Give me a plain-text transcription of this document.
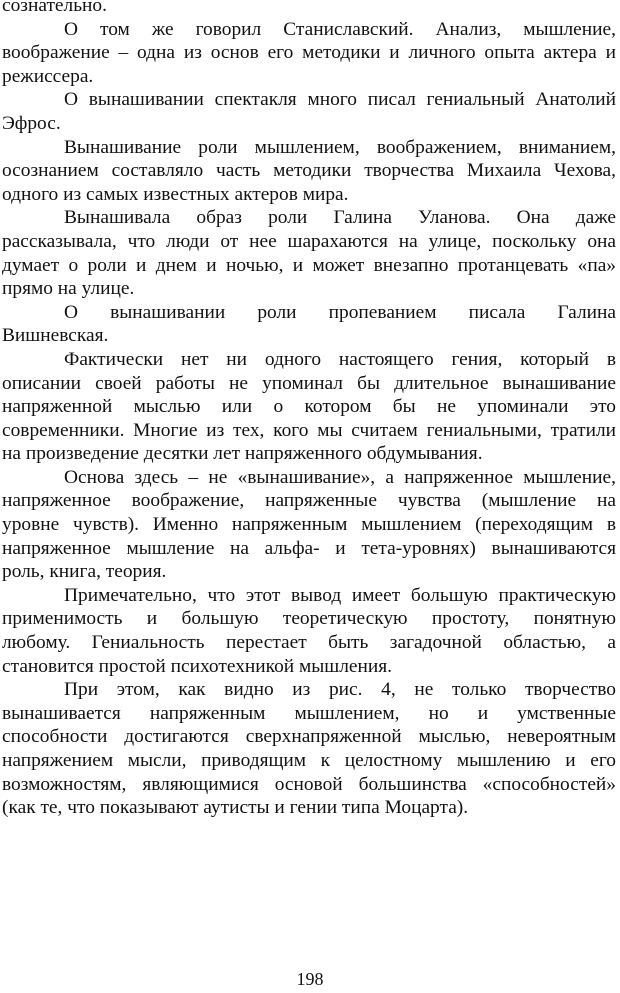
сознательно.
О том же говорил Станиславский. Анализ, мышление,
воображение – одна из основ его методики и личного опыта актера и
режиссера.
О вынашивании спектакля много писал гениальный Анатолий
Эфрос.
Вынашивание роли мышлением, воображением, вниманием,
осознанием составляло часть методики творчества Михаила Чехова,
одного из самых известных актеров мира.
Вынашивала образ роли Галина Уланова. Она даже
рассказывала, что люди от нее шарахаются на улице, поскольку она
думает о роли и днем и ночью, и может внезапно протанцевать «па»
прямо на улице.
О вынашивании роли пропеванием писала Галина
Вишневская.
Фактически нет ни одного настоящего гения, который в
описании своей работы не упоминал бы длительное вынашивание
напряженной мыслью или о котором бы не упоминали это
современники. Многие из тех, кого мы считаем гениальными, тратили
на произведение десятки лет напряженного обдумывания.
Основа здесь – не «вынашивание», а напряженное мышление,
напряженное воображение, напряженные чувства (мышление на
уровне чувств). Именно напряженным мышлением (переходящим в
напряженное мышление на альфа- и тета-уровнях) вынашиваются
роль, книга, теория.
Примечательно, что этот вывод имеет большую практическую
применимость и большую теоретическую простоту, понятную
любому. Гениальность перестает быть загадочной областью, а
становится простой психотехникой мышления.
При этом, как видно из рис. 4, не только творчество
вынашивается напряженным мышлением, но и умственные
способности достигаются сверхнапряженной мыслью, невероятным
напряжением мысли, приводящим к целостному мышлению и его
возможностям, являющимися основой большинства «способностей»
(как те, что показывают аутисты и гении типа Моцарта).
198
